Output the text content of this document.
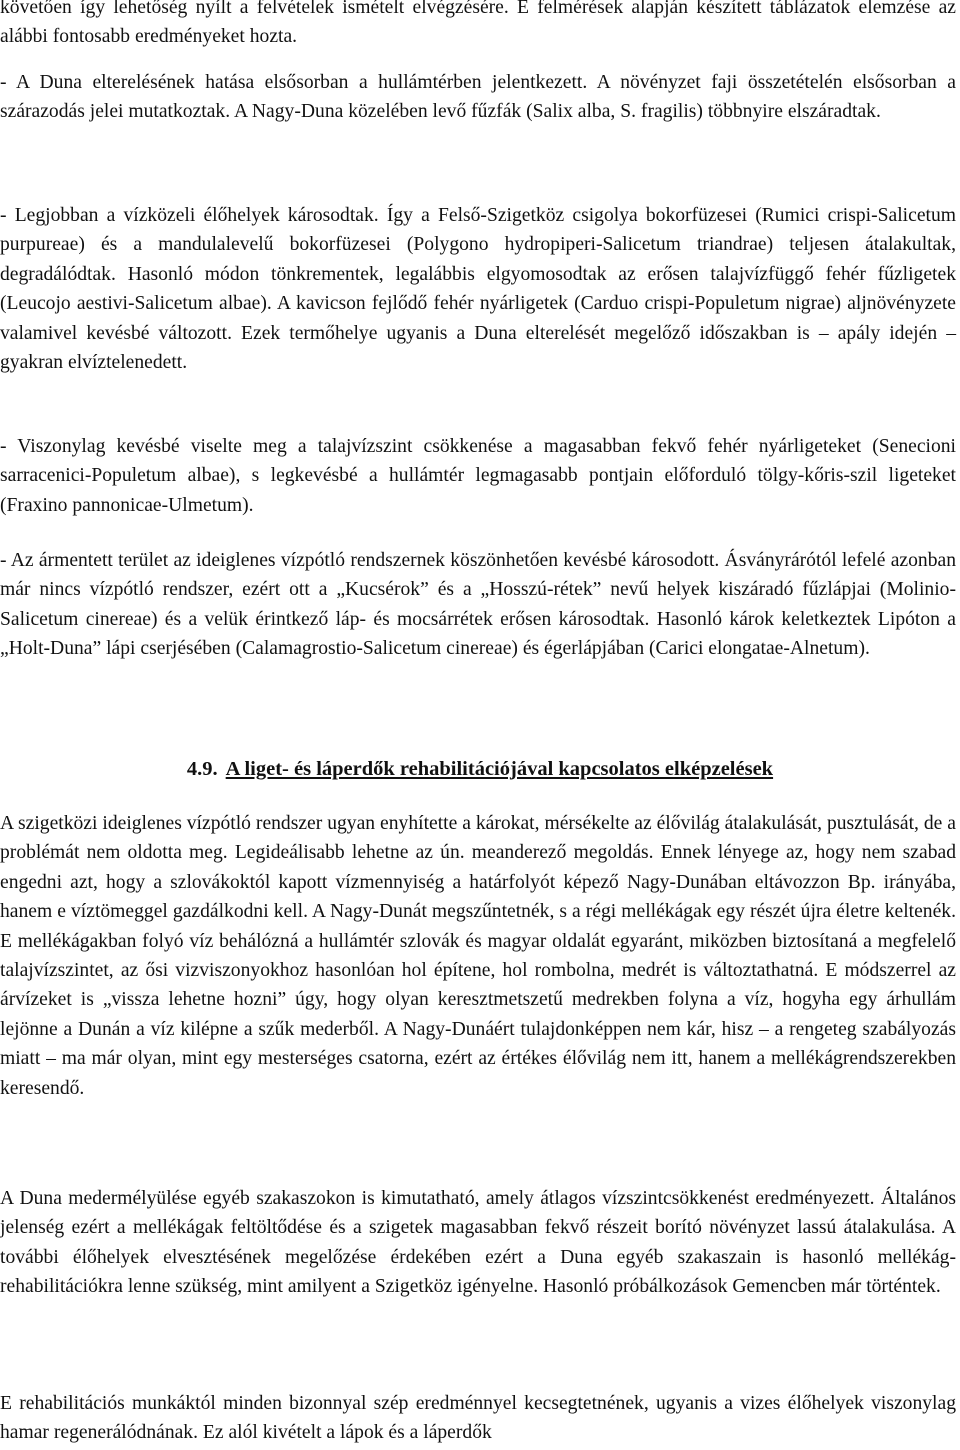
követően így lehetőség nyílt a felvételek ismételt elvégzésére. E felmérések alapján készített táblázatok elemzése az alábbi fontosabb eredményeket hozta.

- A Duna elterelésének hatása elsősorban a hullámtérben jelentkezett. A növényzet faji összetételén elsősorban a szárazodás jelei mutatkoztak. A Nagy-Duna közelében levő fűzfák (Salix alba, S. fragilis) többnyire elszáradtak.

- Legjobban a vízközeli élőhelyek károsodtak. Így a Felső-Szigetköz csigolya bokorfüzesei (Rumici crispi-Salicetum purpureae) és a mandulalevelű bokorfüzesei (Polygono hydropiperi-Salicetum triandrae) teljesen átalakultak, degradálódtak. Hasonló módon tönkrementek, legalábbis elgyomosodtak az erősen talajvízfüggő fehér fűzligetek (Leucojo aestivi-Salicetum albae). A kavicson fejlődő fehér nyárligetek (Carduo crispi-Populetum nigrae) aljnövényzete valamivel kevésbé változott. Ezek termőhelye ugyanis a Duna elterelését megelőző időszakban is – apály idején – gyakran elvíztelenedett.

- Viszonylag kevésbé viselte meg a talajvízszint csökkenése a magasabban fekvő fehér nyárligeteket (Senecioni sarracenici-Populetum albae), s legkevésbé a hullámtér legmagasabb pontjain előforduló tölgy-kőris-szil ligeteket (Fraxino pannonicae-Ulmetum).

- Az ármentett terület az ideiglenes vízpótló rendszernek köszönhetően kevésbé károsodott. Ásványrárótól lefelé azonban már nincs vízpótló rendszer, ezért ott a „Kucsérok” és a „Hosszú-rétek” nevű helyek kiszáradó fűzlápjai (Molinio-Salicetum cinereae) és a velük érintkező láp- és mocsárrétek erősen károsodtak. Hasonló károk keletkeztek Lipóton a „Holt-Duna” lápi cserjésében (Calamagrostio-Salicetum cinereae) és égerlápjában (Carici elongatae-Alnetum).

4.9. A liget- és láperdők rehabilitációjával kapcsolatos elképzelések

A szigetközi ideiglenes vízpótló rendszer ugyan enyhítette a károkat, mérsékelte az élővilág átalakulását, pusztulását, de a problémát nem oldotta meg. Legideálisabb lehetne az ún. meanderező megoldás. Ennek lényege az, hogy nem szabad engedni azt, hogy a szlovákoktól kapott vízmennyiség a határfolyót képező Nagy-Dunában eltávozzon Bp. irányába, hanem e víztömeggel gazdálkodni kell. A Nagy-Dunát megszűntetnék, s a régi mellékágak egy részét újra életre keltenék. E mellékágakban folyó víz behálózná a hullámtér szlovák és magyar oldalát egyaránt, miközben biztosítaná a megfelelő talajvízszintet, az ősi vizviszonyokhoz hasonlóan hol építene, hol rombolna, medrét is változtathatná. E módszerrel az árvízeket is „vissza lehetne hozni” úgy, hogy olyan keresztmetszetű medrekben folyna a víz, hogyha egy árhullám lejönne a Dunán a víz kilépne a szűk mederből. A Nagy-Dunáért tulajdonképpen nem kár, hisz – a rengeteg szabályozás miatt – ma már olyan, mint egy mesterséges csatorna, ezért az értékes élővilág nem itt, hanem a mellékágrendszerekben keresendő.

A Duna medermélyülése egyéb szakaszokon is kimutatható, amely átlagos vízszintcsökkenést eredményezett. Általános jelenség ezért a mellékágak feltöltődése és a szigetek magasabban fekvő részeit borító növényzet lassú átalakulása. A további élőhelyek elvesztésének megelőzése érdekében ezért a Duna egyéb szakaszain is hasonló mellékág-rehabilitációkra lenne szükség, mint amilyent a Szigetköz igényelne. Hasonló próbálkozások Gemencben már történtek.

E rehabilitációs munkáktól minden bizonnyal szép eredménnyel kecsegtetnének, ugyanis a vizes élőhelyek viszonylag hamar regenerálódnának. Ez alól kivételt a lápok és a láperdők
